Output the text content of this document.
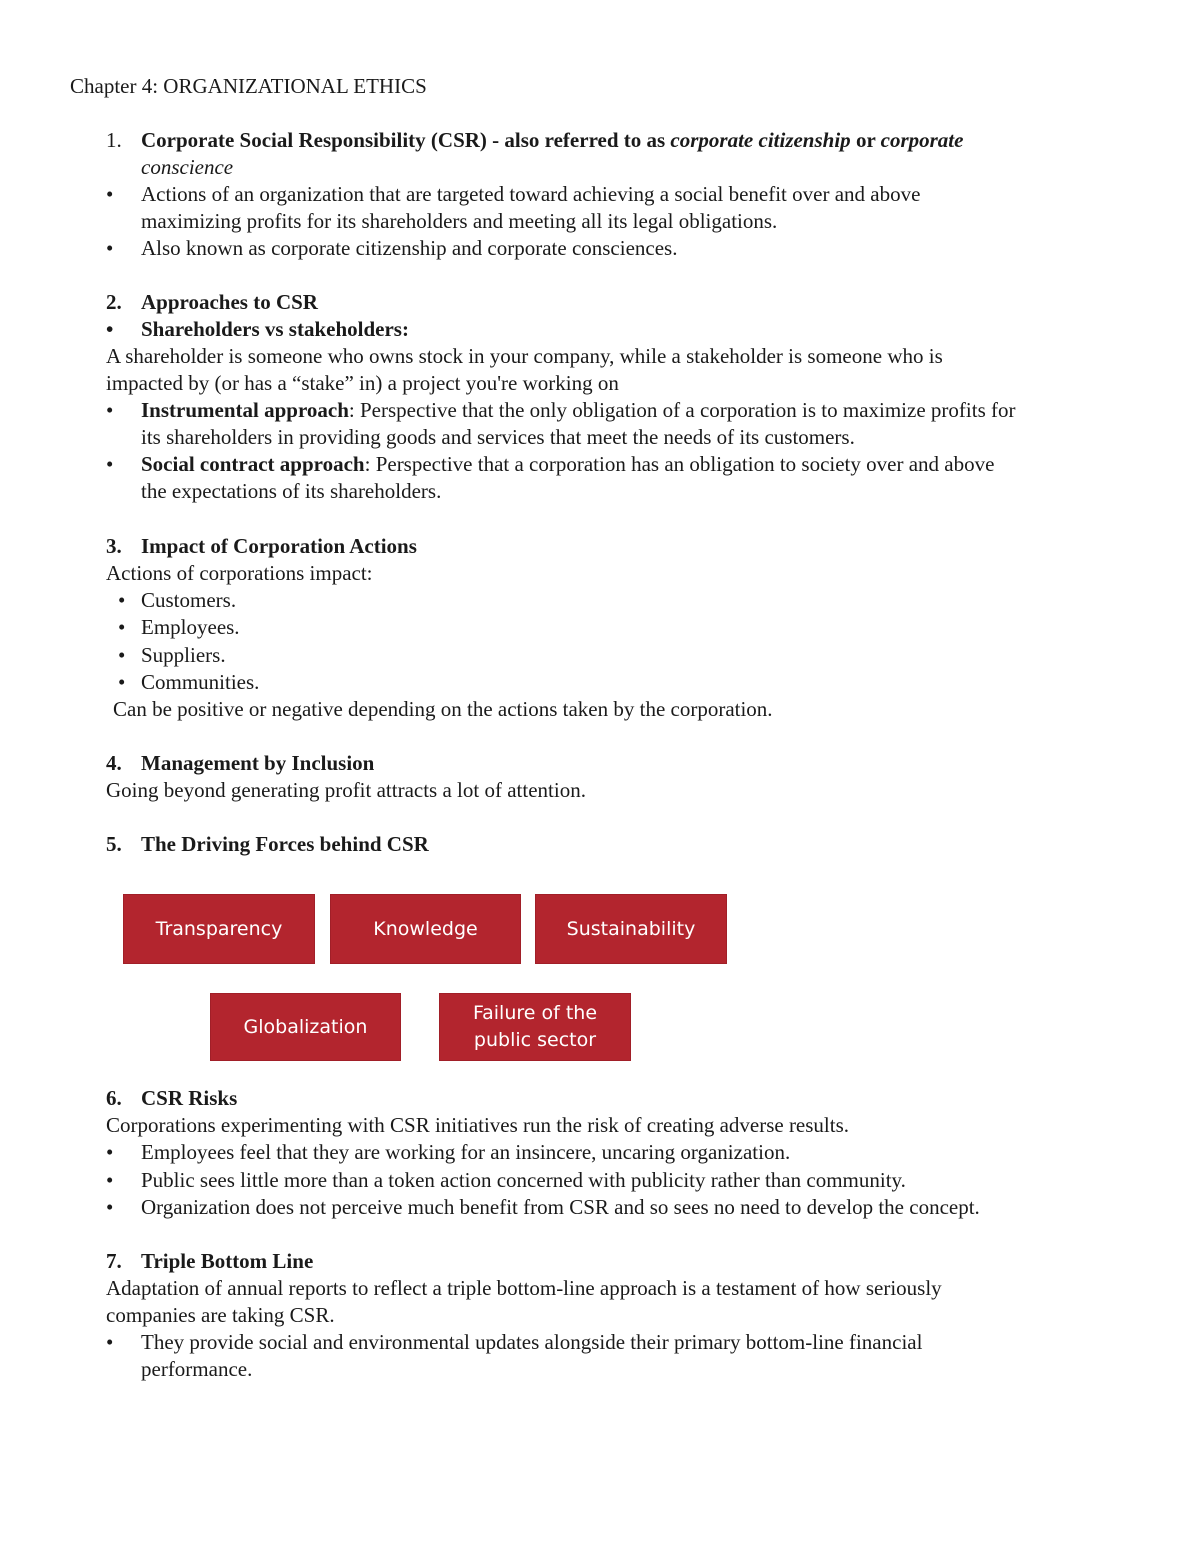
Chapter 4: ORGANIZATIONAL ETHICS
1. Corporate Social Responsibility (CSR) - also referred to as corporate citizenship or corporate
conscience
• Actions of an organization that are targeted toward achieving a social benefit over and above
maximizing profits for its shareholders and meeting all its legal obligations.
• Also known as corporate citizenship and corporate consciences.
2. Approaches to CSR
• Shareholders vs stakeholders:
A shareholder is someone who owns stock in your company, while a stakeholder is someone who is
impacted by (or has a “stake” in) a project you're working on
• Instrumental approach: Perspective that the only obligation of a corporation is to maximize profits for
its shareholders in providing goods and services that meet the needs of its customers.
• Social contract approach: Perspective that a corporation has an obligation to society over and above
the expectations of its shareholders.
3. Impact of Corporation Actions
Actions of corporations impact:
• Customers.
• Employees.
• Suppliers.
• Communities.
Can be positive or negative depending on the actions taken by the corporation.
4. Management by Inclusion
Going beyond generating profit attracts a lot of attention.
5. The Driving Forces behind CSR
Transparency	Knowledge	Sustainability
Globalization
Failure of the
public sector
6. CSR Risks
Corporations experimenting with CSR initiatives run the risk of creating adverse results.
• Employees feel that they are working for an insincere, uncaring organization.
• Public sees little more than a token action concerned with publicity rather than community.
• Organization does not perceive much benefit from CSR and so sees no need to develop the concept.
7. Triple Bottom Line
Adaptation of annual reports to reflect a triple bottom-line approach is a testament of how seriously
companies are taking CSR.
• They provide social and environmental updates alongside their primary bottom-line financial
performance.
